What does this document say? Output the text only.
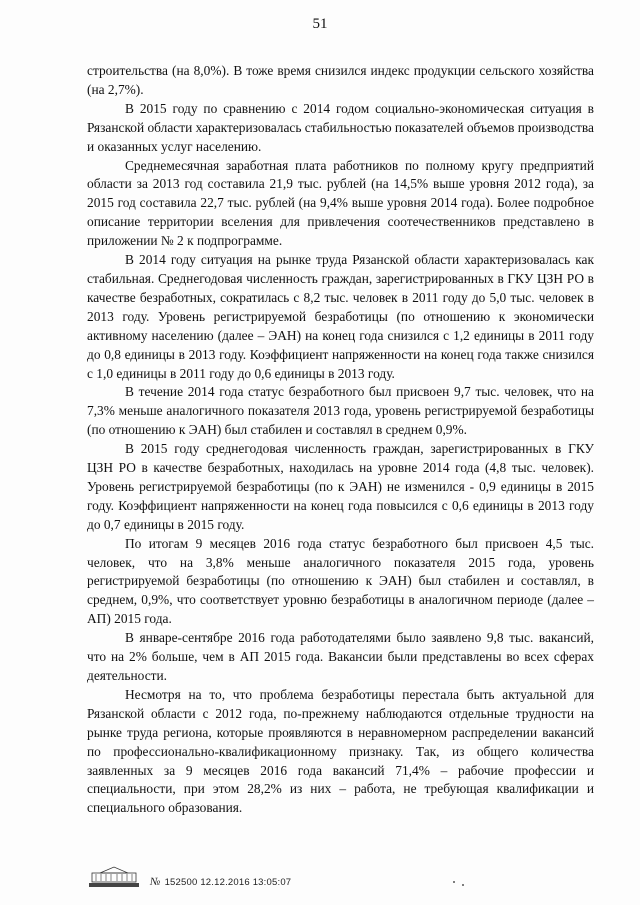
51

строительства (на 8,0%). В тоже время снизился индекс продукции сельского хозяйства (на 2,7%).

В 2015 году по сравнению с 2014 годом социально-экономическая ситуация в Рязанской области характеризовалась стабильностью показателей объемов производства и оказанных услуг населению.

Среднемесячная заработная плата работников по полному кругу предприятий области за 2013 год составила 21,9 тыс. рублей (на 14,5% выше уровня 2012 года), за 2015 год составила 22,7 тыс. рублей (на 9,4% выше уровня 2014 года). Более подробное описание территории вселения для привлечения соотечественников представлено в приложении № 2 к подпрограмме.

В 2014 году ситуация на рынке труда Рязанской области характеризовалась как стабильная. Среднегодовая численность граждан, зарегистрированных в ГКУ ЦЗН РО в качестве безработных, сократилась с 8,2 тыс. человек в 2011 году до 5,0 тыс. человек в 2013 году. Уровень регистрируемой безработицы (по отношению к экономически активному населению (далее – ЭАН) на конец года снизился с 1,2 единицы в 2011 году до 0,8 единицы в 2013 году. Коэффициент напряженности на конец года также снизился с 1,0 единицы в 2011 году до 0,6 единицы в 2013 году.

В течение 2014 года статус безработного был присвоен 9,7 тыс. человек, что на 7,3% меньше аналогичного показателя 2013 года, уровень регистрируемой безработицы (по отношению к ЭАН) был стабилен и составлял в среднем 0,9%.

В 2015 году среднегодовая численность граждан, зарегистрированных в ГКУ ЦЗН РО в качестве безработных, находилась на уровне 2014 года (4,8 тыс. человек). Уровень регистрируемой безработицы (по к ЭАН) не изменился - 0,9 единицы в 2015 году. Коэффициент напряженности на конец года повысился с 0,6 единицы в 2013 году до 0,7 единицы в 2015 году.

По итогам 9 месяцев 2016 года статус безработного был присвоен 4,5 тыс. человек, что на 3,8% меньше аналогичного показателя 2015 года, уровень регистрируемой безработицы (по отношению к ЭАН) был стабилен и составлял, в среднем, 0,9%, что соответствует уровню безработицы в аналогичном периоде (далее – АП) 2015 года.

В январе-сентябре 2016 года работодателями было заявлено 9,8 тыс. вакансий, что на 2% больше, чем в АП 2015 года. Вакансии были представлены во всех сферах деятельности.

Несмотря на то, что проблема безработицы перестала быть актуальной для Рязанской области с 2012 года, по-прежнему наблюдаются отдельные трудности на рынке труда региона, которые проявляются в неравномерном распределении вакансий по профессионально-квалификационному признаку. Так, из общего количества заявленных за 9 месяцев 2016 года вакансий 71,4% – рабочие профессии и специальности, при этом 28,2% из них – работа, не требующая квалификации и специального образования.

№ 152500 12.12.2016 13:05:07
